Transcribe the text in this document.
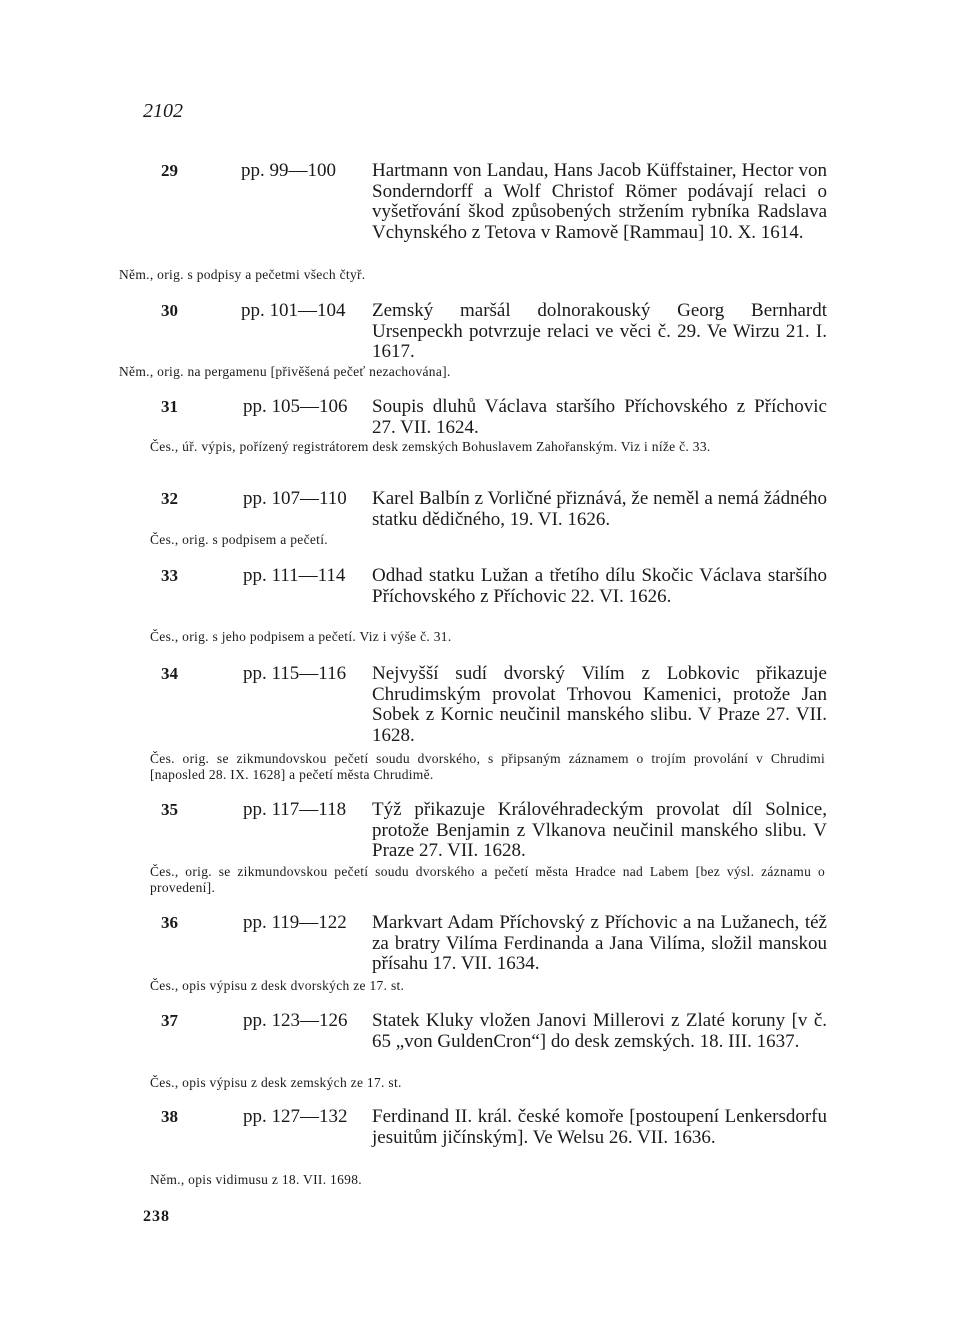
2102
29	pp. 99—100 Hartmann von Landau, Hans Jacob Küffstainer, Hector von Sonderndorff a Wolf Christof Römer podávají relaci o vyšetřování škod způsobených stržením rybníka Radslava Vchynského z Tetova v Ramově [Rammau] 10. X. 1614.
Něm., orig. s podpisy a pečetmi všech čtyř.
30	pp. 101—104 Zemský maršál dolnorakouský Georg Bernhardt Ursenpeckh potvrzuje relaci ve věci č. 29. Ve Wirzu 21. I. 1617.
Něm., orig. na pergamenu [přivěšená pečeť nezachována].
31	pp. 105—106 Soupis dluhů Václava staršího Příchovského z Příchovic 27. VII. 1624.
Čes., úř. výpis, pořízený registrátorem desk zemských Bohuslavem Zahořanským. Viz i níže č. 33.
32	pp. 107—110 Karel Balbín z Vorličné přiznává, že neměl a nemá žádného statku dědičného, 19. VI. 1626.
Čes., orig. s podpisem a pečetí.
33	pp. 111—114 Odhad statku Lužan a třetího dílu Skočic Václava staršího Příchovského z Příchovic 22. VI. 1626.
Čes., orig. s jeho podpisem a pečetí. Viz i výše č. 31.
34	pp. 115—116 Nejvyšší sudí dvorský Vilím z Lobkovic přikazuje Chrudimským provolat Trhovou Kamenici, protože Jan Sobek z Kornic neučinil manského slibu. V Praze 27. VII. 1628.
Čes. orig. se zikmundovskou pečetí soudu dvorského, s připsaným záznamem o trojím provolání v Chrudimi [naposled 28. IX. 1628] a pečetí města Chrudimě.
35	pp. 117—118 Týž přikazuje Královéhradeckým provolat díl Solnice, protože Benjamin z Vlkanova neučinil manského slibu. V Praze 27. VII. 1628.
Čes., orig. se zikmundovskou pečetí soudu dvorského a pečetí města Hradce nad Labem [bez výsl. záznamu o provedení].
36	pp. 119—122 Markvart Adam Příchovský z Příchovic a na Lužanech, též za bratry Vilíma Ferdinanda a Jana Vilíma, složil manskou přísahu 17. VII. 1634.
Čes., opis výpisu z desk dvorských ze 17. st.
37	pp. 123—126 Statek Kluky vložen Janovi Millerovi z Zlaté koruny [v č. 65 „von GuldenCron“] do desk zemských. 18. III. 1637.
Čes., opis výpisu z desk zemských ze 17. st.
38	pp. 127—132 Ferdinand II. král. české komoře [postoupení Lenkersdorfu jesuitům jičínským]. Ve Welsu 26. VII. 1636.
Něm., opis vidimusu z 18. VII. 1698.
238
